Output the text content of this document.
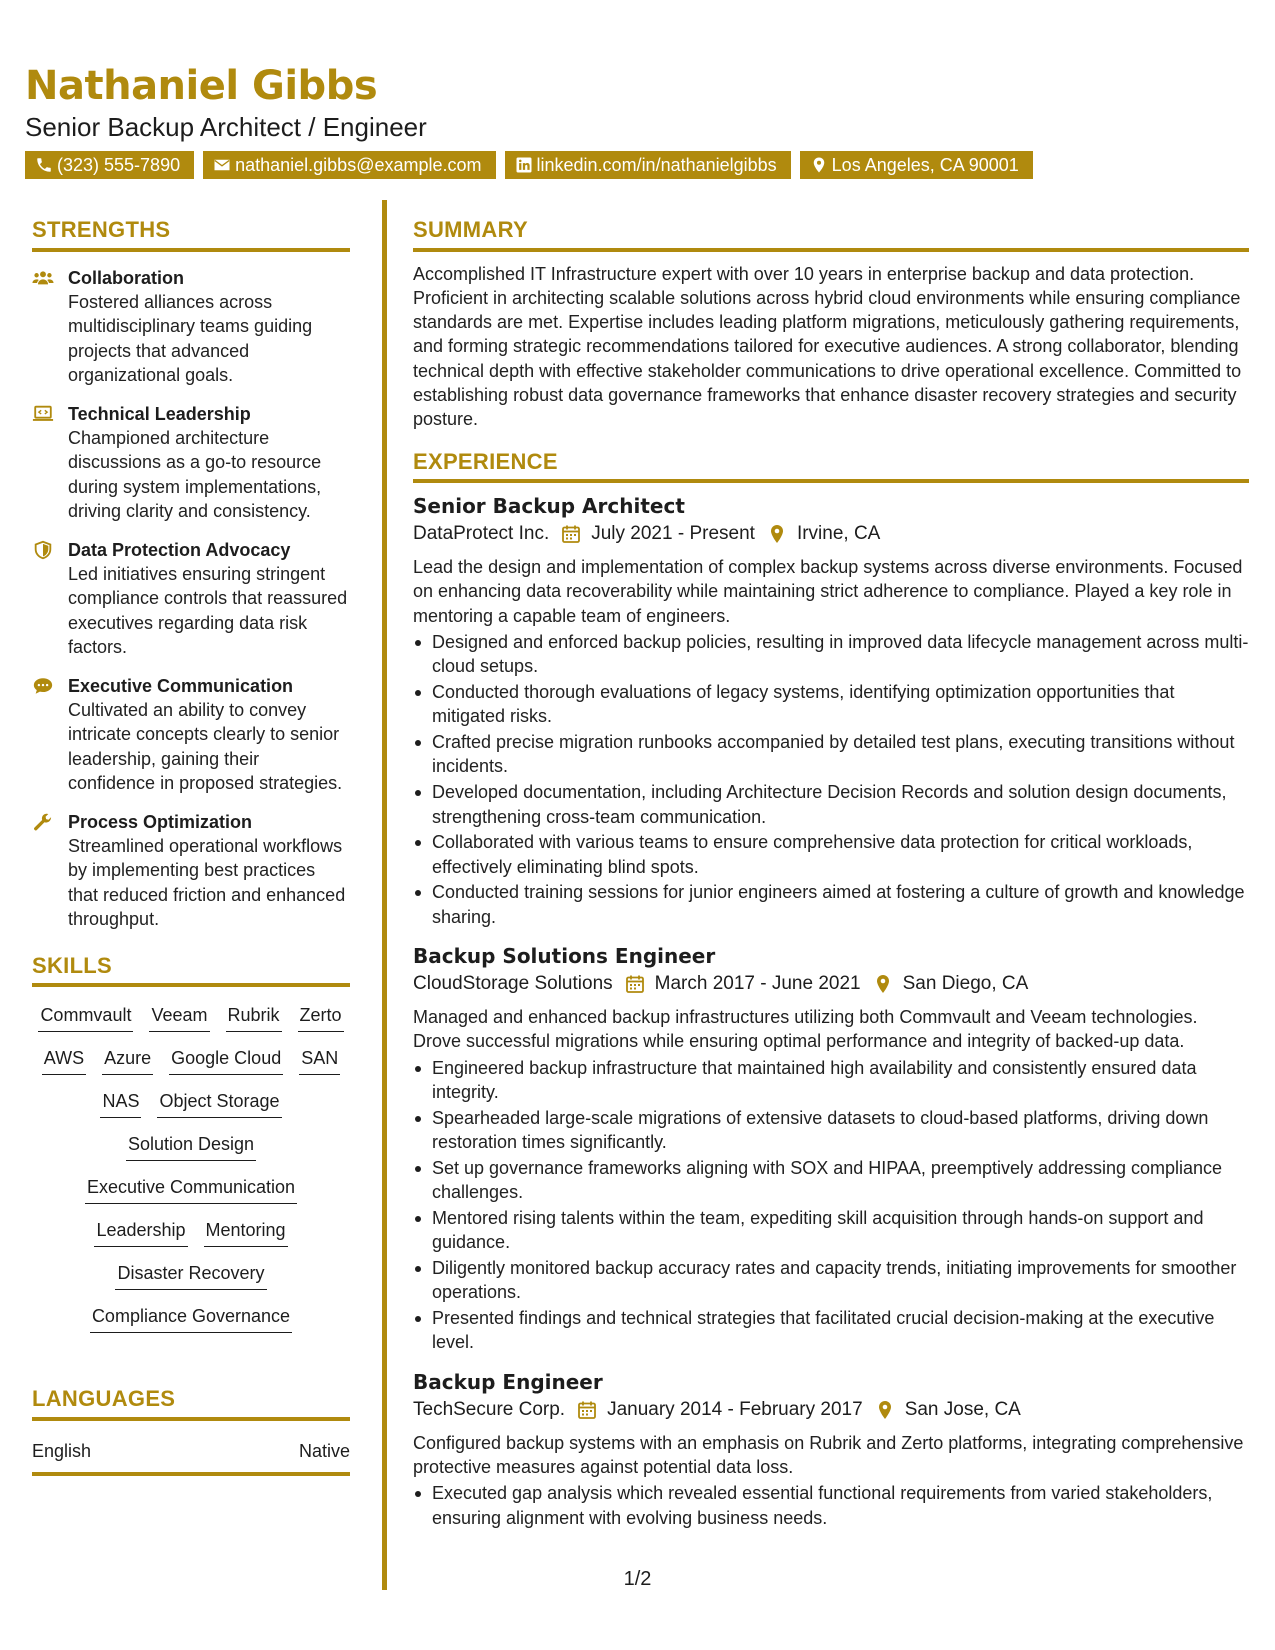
Nathaniel Gibbs
Senior Backup Architect / Engineer
(323) 555-7890	nathaniel.gibbs@example.com	linkedin.com/in/nathanielgibbs	Los Angeles, CA 90001
STRENGTHS
Collaboration
Fostered alliances across multidisciplinary teams guiding projects that advanced organizational goals.
Technical Leadership
Championed architecture discussions as a go-to resource during system implementations, driving clarity and consistency.
Data Protection Advocacy
Led initiatives ensuring stringent compliance controls that reassured executives regarding data risk factors.
Executive Communication
Cultivated an ability to convey intricate concepts clearly to senior leadership, gaining their confidence in proposed strategies.
Process Optimization
Streamlined operational workflows by implementing best practices that reduced friction and enhanced throughput.
SKILLS
Commvault Veeam Rubrik Zerto
AWS Azure Google Cloud SAN
NAS Object Storage
Solution Design
Executive Communication
Leadership Mentoring
Disaster Recovery
Compliance Governance
LANGUAGES
English	Native
SUMMARY
Accomplished IT Infrastructure expert with over 10 years in enterprise backup and data protection. Proficient in architecting scalable solutions across hybrid cloud environments while ensuring compliance standards are met. Expertise includes leading platform migrations, meticulously gathering requirements, and forming strategic recommendations tailored for executive audiences. A strong collaborator, blending technical depth with effective stakeholder communications to drive operational excellence. Committed to establishing robust data governance frameworks that enhance disaster recovery strategies and security posture.
EXPERIENCE
Senior Backup Architect
DataProtect Inc. July 2021 - Present Irvine, CA
Lead the design and implementation of complex backup systems across diverse environments. Focused on enhancing data recoverability while maintaining strict adherence to compliance. Played a key role in mentoring a capable team of engineers.
Designed and enforced backup policies, resulting in improved data lifecycle management across multi-cloud setups.
Conducted thorough evaluations of legacy systems, identifying optimization opportunities that mitigated risks.
Crafted precise migration runbooks accompanied by detailed test plans, executing transitions without incidents.
Developed documentation, including Architecture Decision Records and solution design documents, strengthening cross-team communication.
Collaborated with various teams to ensure comprehensive data protection for critical workloads, effectively eliminating blind spots.
Conducted training sessions for junior engineers aimed at fostering a culture of growth and knowledge sharing.
Backup Solutions Engineer
CloudStorage Solutions March 2017 - June 2021 San Diego, CA
Managed and enhanced backup infrastructures utilizing both Commvault and Veeam technologies. Drove successful migrations while ensuring optimal performance and integrity of backed-up data.
Engineered backup infrastructure that maintained high availability and consistently ensured data integrity.
Spearheaded large-scale migrations of extensive datasets to cloud-based platforms, driving down restoration times significantly.
Set up governance frameworks aligning with SOX and HIPAA, preemptively addressing compliance challenges.
Mentored rising talents within the team, expediting skill acquisition through hands-on support and guidance.
Diligently monitored backup accuracy rates and capacity trends, initiating improvements for smoother operations.
Presented findings and technical strategies that facilitated crucial decision-making at the executive level.
Backup Engineer
TechSecure Corp. January 2014 - February 2017 San Jose, CA
Configured backup systems with an emphasis on Rubrik and Zerto platforms, integrating comprehensive protective measures against potential data loss.
Executed gap analysis which revealed essential functional requirements from varied stakeholders, ensuring alignment with evolving business needs.
1/2
